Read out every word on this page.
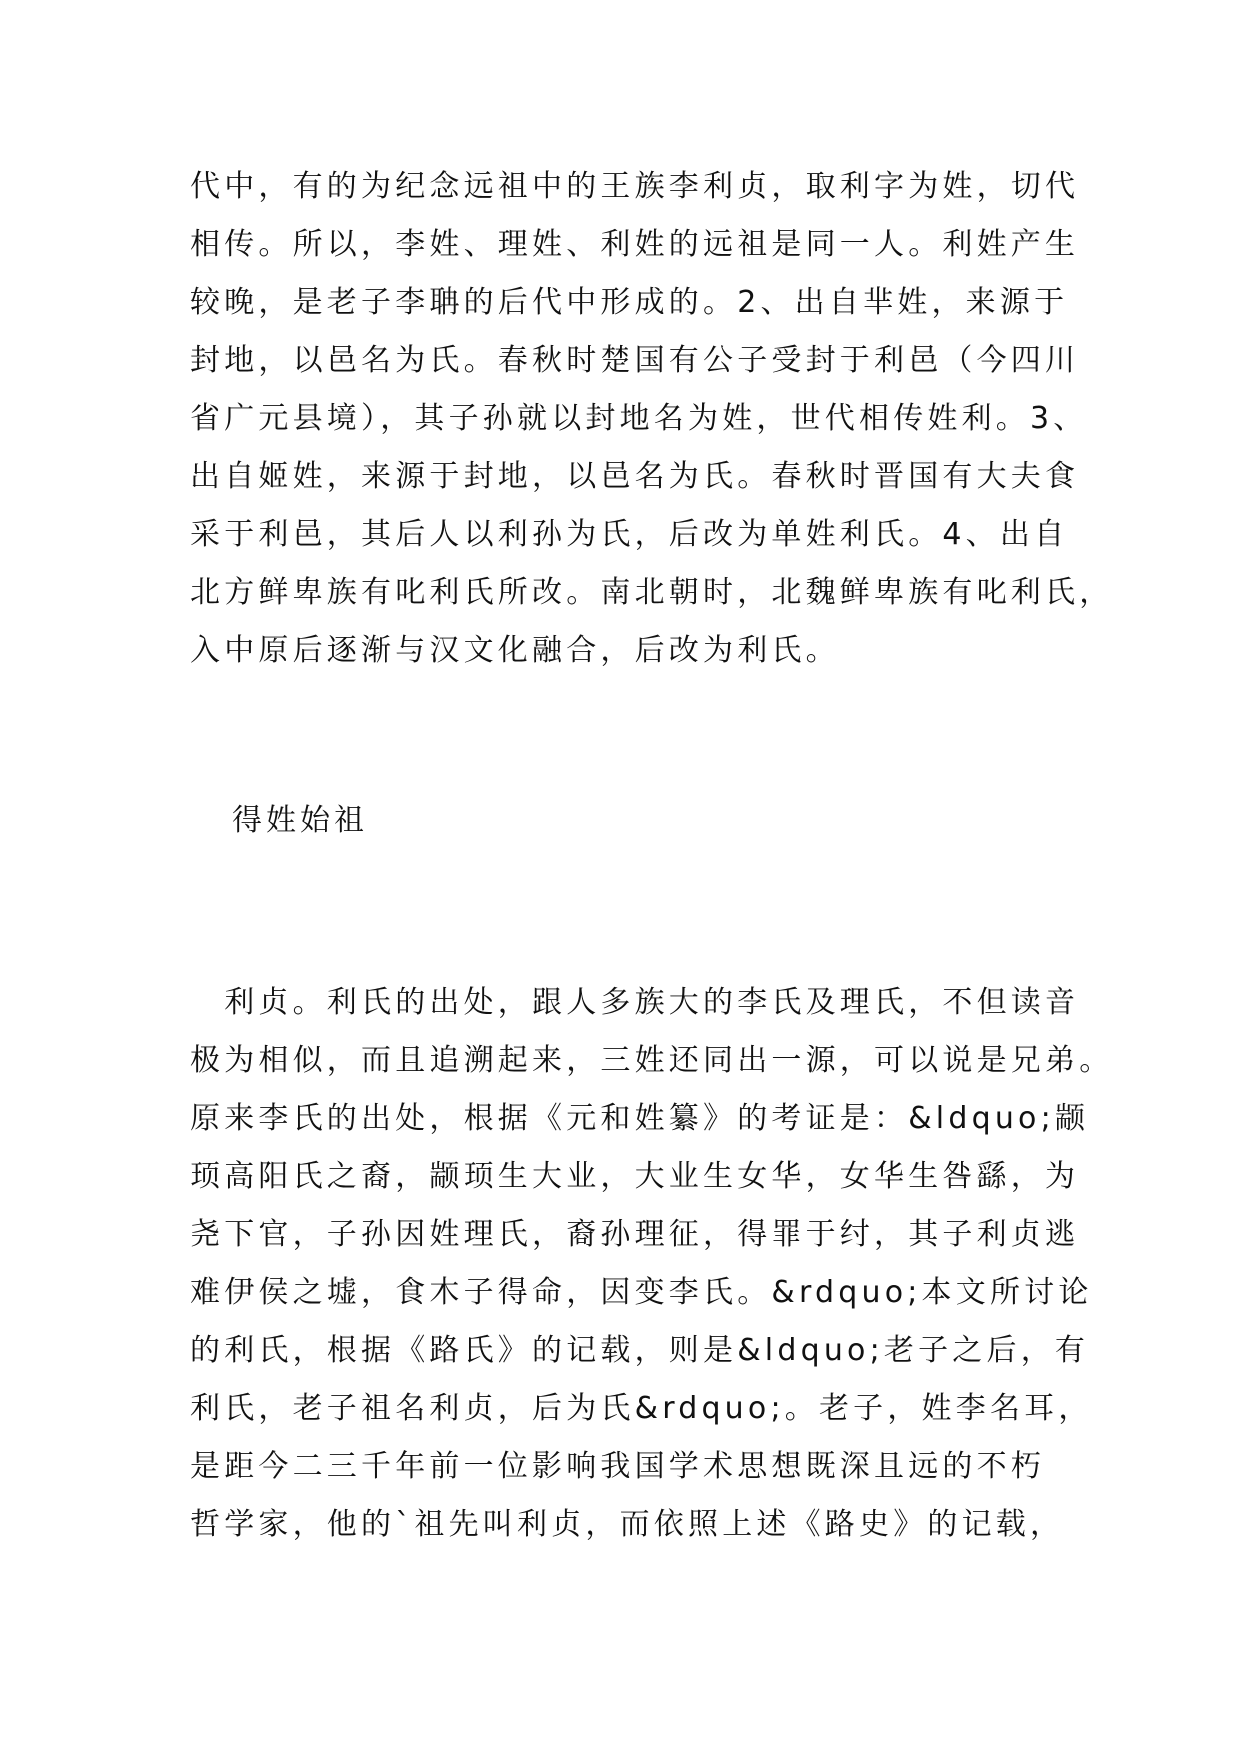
代中，有的为纪念远祖中的王族李利贞，取利字为姓，切代
相传。所以，李姓、理姓、利姓的远祖是同一人。利姓产生
较晚，是老子李聃的后代中形成的。2、出自芈姓，来源于
封地，以邑名为氏。春秋时楚国有公子受封于利邑（今四川
省广元县境），其子孙就以封地名为姓，世代相传姓利。3、
出自姬姓，来源于封地，以邑名为氏。春秋时晋国有大夫食
采于利邑，其后人以利孙为氏，后改为单姓利氏。4、出自
北方鲜卑族有叱利氏所改。南北朝时，北魏鲜卑族有叱利氏，
入中原后逐渐与汉文化融合，后改为利氏。
得姓始祖
　利贞。利氏的出处，跟人多族大的李氏及理氏，不但读音
极为相似，而且追溯起来，三姓还同出一源，可以说是兄弟。
原来李氏的出处，根据《元和姓纂》的考证是：&ldquo;颛
顼高阳氏之裔，颛顼生大业，大业生女华，女华生咎繇，为
尧下官，子孙因姓理氏，裔孙理征，得罪于纣，其子利贞逃
难伊侯之墟，食木子得命，因变李氏。&rdquo;本文所讨论
的利氏，根据《路氏》的记载，则是&ldquo;老子之后，有
利氏，老子祖名利贞，后为氏&rdquo;。老子，姓李名耳，
是距今二三千年前一位影响我国学术思想既深且远的不朽
哲学家，他的`祖先叫利贞，而依照上述《路史》的记载，
